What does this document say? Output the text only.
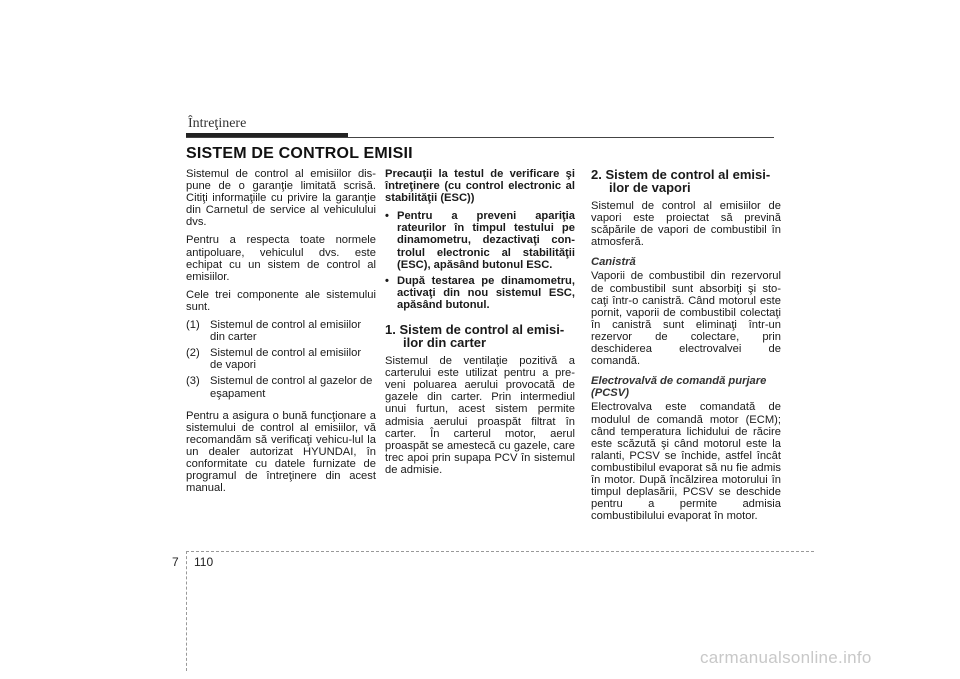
Întreţinere
SISTEM DE CONTROL EMISII

Sistemul de control al emisiilor dis-pune de o garanţie limitată scrisă. Citiţi informaţiile cu privire la garanţie din Carnetul de service al vehiculului dvs.

Pentru a respecta toate normele antipoluare, vehiculul dvs. este echipat cu un sistem de control al emisiilor.

Cele trei componente ale sistemului sunt.

(1) Sistemul de control al emisiilor din carter
(2) Sistemul de control al emisiilor de vapori
(3) Sistemul de control al gazelor de eşapament

Pentru a asigura o bună funcţionare a sistemului de control al emisiilor, vă recomandăm să verificaţi vehicu-lul la un dealer autorizat HYUNDAI, în conformitate cu datele furnizate de programul de întreţinere din acest manual.

Precauţii la testul de verificare şi întreţinere (cu control electronic al stabilităţii (ESC))

• Pentru a preveni apariţia rateurilor în timpul testului pe dinamometru, dezactivaţi con-trolul electronic al stabilităţii (ESC), apăsând butonul ESC.
• După testarea pe dinamometru, activaţi din nou sistemul ESC, apăsând butonul.
1. Sistem de control al emisi-
ilor din carter

Sistemul de ventilaţie pozitivă a carterului este utilizat pentru a pre-veni poluarea aerului provocată de gazele din carter. Prin intermediul unui furtun, acest sistem permite admisia aerului proaspăt filtrat în carter. În carterul motor, aerul proaspăt se amestecă cu gazele, care trec apoi prin supapa PCV în sistemul de admisie.

2. Sistem de control al emisi-
ilor de vapori

Sistemul de control al emisiilor de vapori este proiectat să prevină scăpările de vapori de combustibil în atmosferă.

Canistră

Vaporii de combustibil din rezervorul de combustibil sunt absorbiţi şi sto-caţi într-o canistră. Când motorul este pornit, vaporii de combustibil colectaţi în canistră sunt eliminaţi într-un rezervor de colectare, prin deschiderea electrovalvei de comandă.

Electrovalvă de comandă purjare (PCSV)

Electrovalva este comandată de modulul de comandă motor (ECM); când temperatura lichidului de răcire este scăzută şi când motorul este la ralanti, PCSV se închide, astfel încât combustibilul evaporat să nu fie admis în motor. După încălzirea motorului în timpul deplasării, PCSV se deschide pentru a permite admisia combustibilului evaporat în motor.

7 110
carmanualsonline.info
